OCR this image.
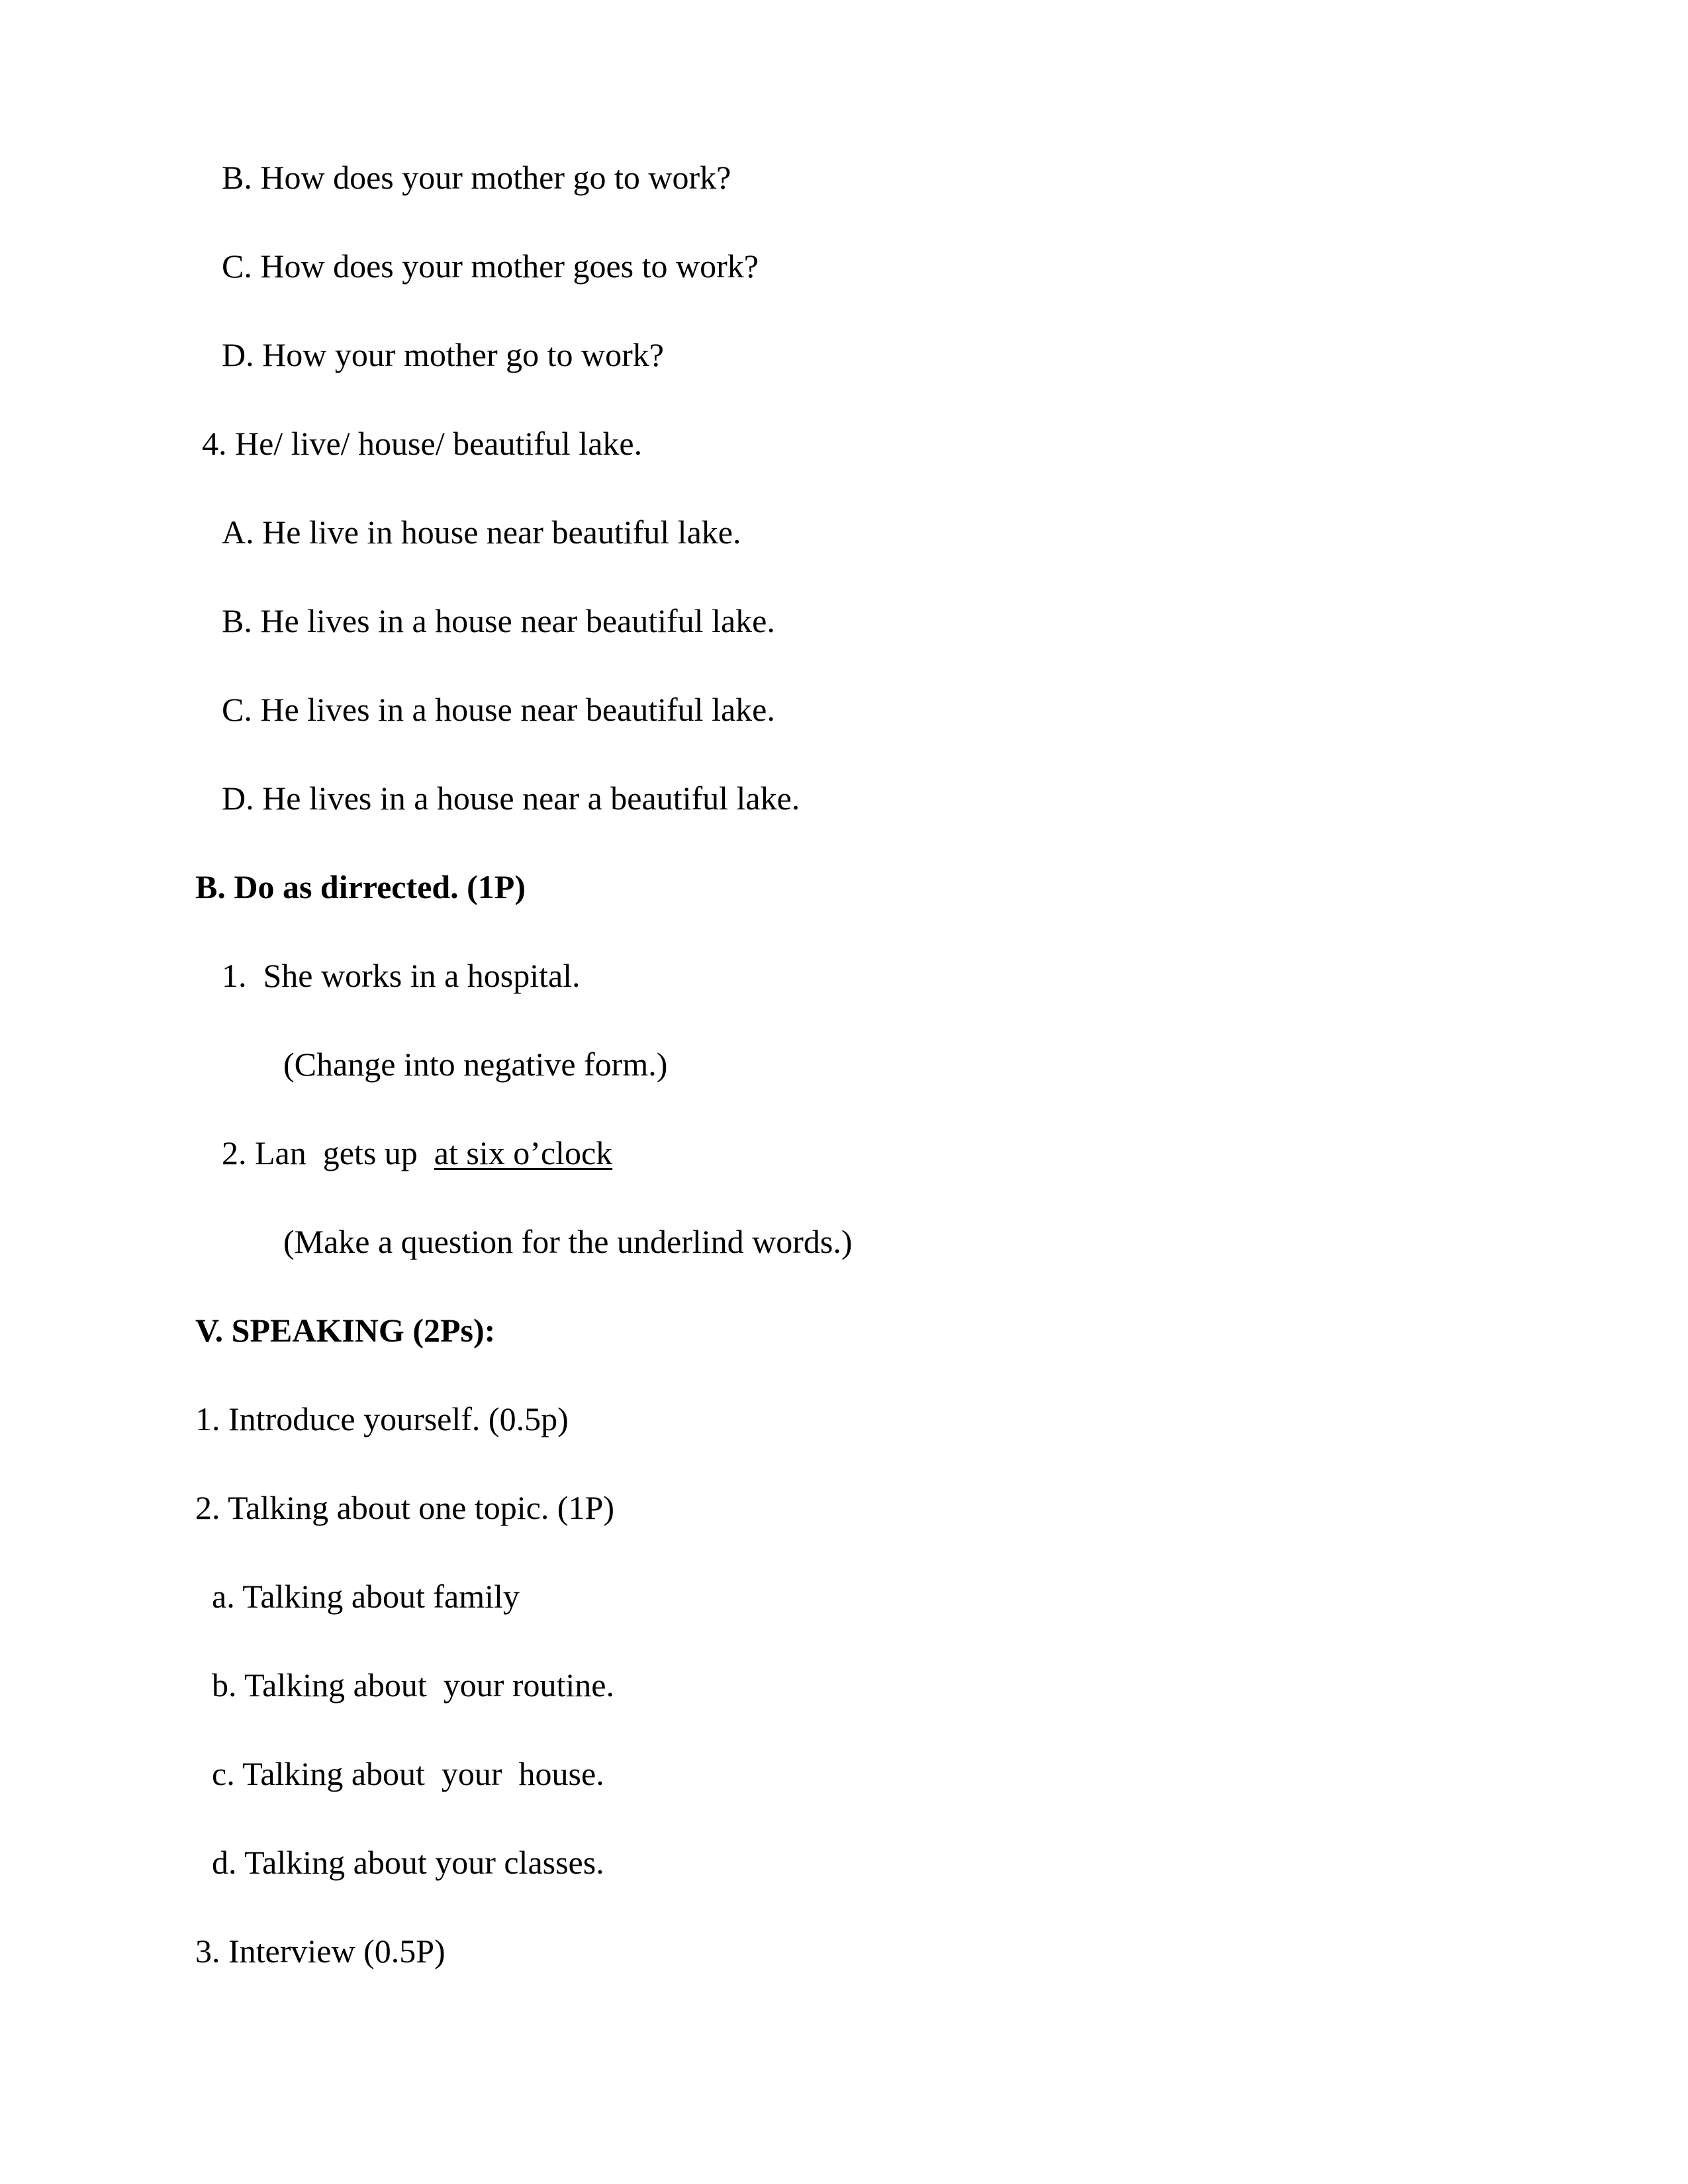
B. How does your mother go to work?
C. How does your mother goes to work?
D. How your mother go to work?
4. He/ live/ house/ beautiful lake.
A. He live in house near beautiful lake.
B. He lives in a house near beautiful lake.
C. He lives in a house near beautiful lake.
D. He lives in a house near a beautiful lake.
B. Do as dirrected. (1P)
1.  She works in a hospital.
(Change into negative form.)
2. Lan  gets up  at six o’clock
(Make a question for the underlind words.)
V. SPEAKING (2Ps):
1. Introduce yourself. (0.5p)
2. Talking about one topic. (1P)
a. Talking about family
b. Talking about  your routine.
c. Talking about  your  house.
d. Talking about your classes.
3. Interview (0.5P)
